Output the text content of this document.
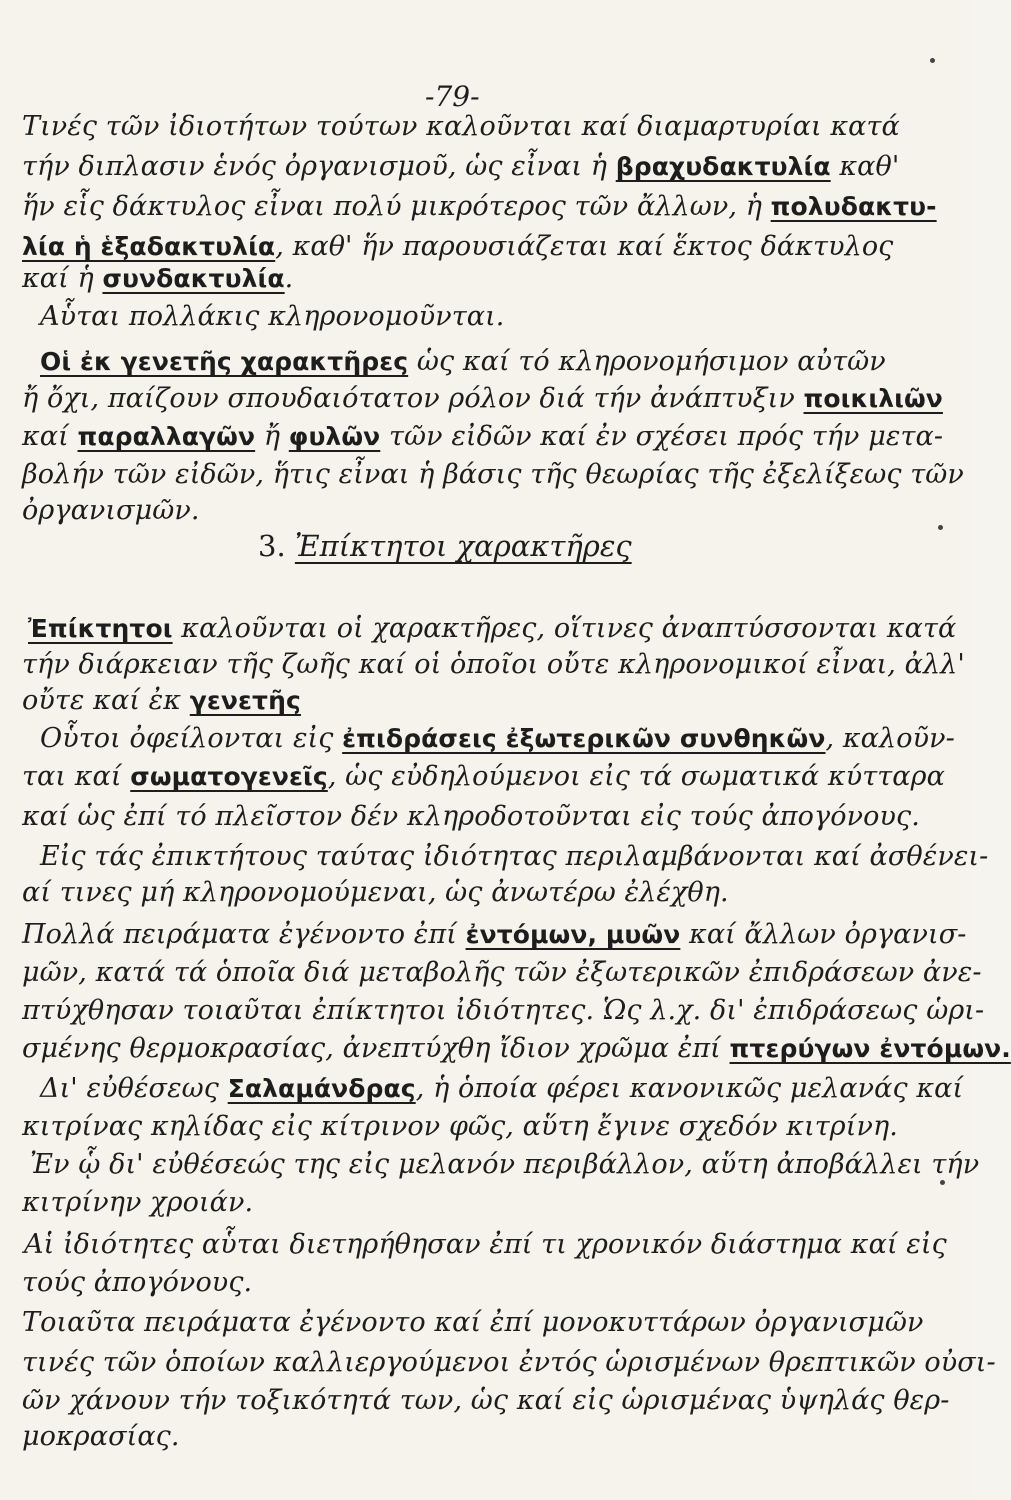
-79-
Τινές τῶν ἰδιοτήτων τούτων καλοῦνται καί διαμαρτυρίαι κατά
τήν διπλασιν ἑνός ὀργανισμοῦ, ὡς εἶναι ἡ βραχυδακτυλία καθ'
ἥν εἷς δάκτυλος εἶναι πολύ μικρότερος τῶν ἄλλων, ἡ πολυδακτυ-
λία ἡ ἑξαδακτυλία, καθ' ἥν παρουσιάζεται καί ἕκτος δάκτυλος
καί ἡ συνδακτυλία.
Αὗται πολλάκις κληρονομοῦνται.
Οἱ ἐκ γενετῆς χαρακτῆρες ὡς καί τό κληρονομήσιμον αὐτῶν
ἤ ὄχι, παίζουν σπουδαιότατον ρόλον διά τήν ἀνάπτυξιν ποικιλιῶν
καί παραλλαγῶν ἤ φυλῶν τῶν εἰδῶν καί ἐν σχέσει πρός τήν μετα-
βολήν τῶν εἰδῶν, ἥτις εἶναι ἡ βάσις τῆς θεωρίας τῆς ἐξελίξεως τῶν
ὀργανισμῶν.
Ἐπίκτητοι καλοῦνται οἱ χαρακτῆρες, οἵτινες ἀναπτύσσονται κατά
τήν διάρκειαν τῆς ζωῆς καί οἱ ὁποῖοι οὔτε κληρονομικοί εἶναι, ἀλλ'
οὔτε καί ἐκ γενετῆς
Οὗτοι ὀφείλονται εἰς ἐπιδράσεις ἐξωτερικῶν συνθηκῶν, καλοῦν-
ται καί σωματογενεῖς, ὡς εὐδηλούμενοι εἰς τά σωματικά κύτταρα
καί ὡς ἐπί τό πλεῖστον δέν κληροδοτοῦνται εἰς τούς ἀπογόνους.
Εἰς τάς ἐπικτήτους ταύτας ἰδιότητας περιλαμβάνονται καί ἀσθένει-
αί τινες μή κληρονομούμεναι, ὡς ἀνωτέρω ἐλέχθη.
Πολλά πειράματα ἐγένοντο ἐπί ἐντόμων, μυῶν καί ἄλλων ὀργανισ-
μῶν, κατά τά ὁποῖα διά μεταβολῆς τῶν ἐξωτερικῶν ἐπιδράσεων ἀνε-
πτύχθησαν τοιαῦται ἐπίκτητοι ἰδιότητες. Ὡς λ.χ. δι' ἐπιδράσεως ὡρι-
σμένης θερμοκρασίας, ἀνεπτύχθη ἴδιον χρῶμα ἐπί πτερύγων ἐντόμων.
Δι' εὐθέσεως Σαλαμάνδρας, ἡ ὁποία φέρει κανονικῶς μελανάς καί
κιτρίνας κηλίδας εἰς κίτρινον φῶς, αὕτη ἔγινε σχεδόν κιτρίνη.
Ἐν ᾧ δι' εὐθέσεώς της εἰς μελανόν περιβάλλον, αὕτη ἀποβάλλει τήν
κιτρίνην χροιάν.
Αἱ ἰδιότητες αὗται διετηρήθησαν ἐπί τι χρονικόν διάστημα καί εἰς
τούς ἀπογόνους.
Τοιαῦτα πειράματα ἐγένοντο καί ἐπί μονοκυττάρων ὀργανισμῶν
τινές τῶν ὁποίων καλλιεργούμενοι ἐντός ὡρισμένων θρεπτικῶν οὐσι-
ῶν χάνουν τήν τοξικότητά των, ὡς καί εἰς ὡρισμένας ὑψηλάς θερ-
μοκρασίας.
3. Ἐπίκτητοι χαρακτῆρες
